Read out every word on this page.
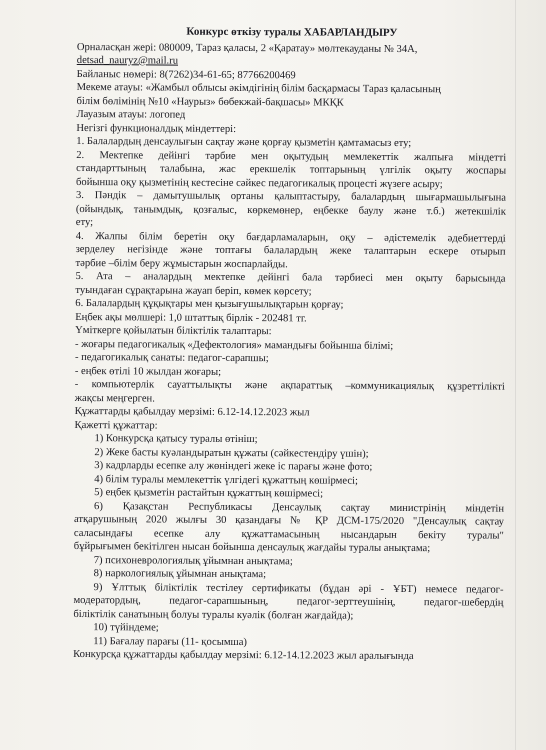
Конкурс өткізу туралы ХАБАРЛАНДЫРУ
Орналасқан жері: 080009, Тараз қаласы, 2 «Қаратау» мөлтекауданы № 34А,
detsad_nauryz@mail.ru
Байланыс нөмері: 8(7262)34-61-65; 87766200469
Мекеме атауы: «Жамбыл облысы әкімдігінің білім басқармасы Тараз қаласының
білім бөлімінің №10 «Наурыз» бөбекжай-бақшасы» МКҚК
Лауазым атауы: логопед
Негізгі функционалдық міндеттері:
1. Балалардың денсаулығын сақтау және қорғау қызметін қамтамасыз ету;
2. Мектепке дейінгі тәрбие мен оқытудың мемлекеттік жалпыға міндетті
стандарттының талабына, жас ерекшелік топтарының үлгілік оқыту жоспары
бойынша оқу қызметінің кестесіне сәйкес педагогикалық процесті жүзеге асыру;
3. Пәндік – дамытушылық ортаны қалыптастыру, балалардың шығармашылығына
(ойындық, танымдық, қозғалыс, көркемөнер, еңбекке баулу және т.б.) жетекшілік
ету;
4. Жалпы білім беретін оқу бағдарламаларын, оқу – әдістемелік әдебиеттерді
зерделеу негізінде және топтағы балалардың жеке талаптарын ескере отырып
тәрбие –білім беру жұмыстарын жоспарлайды.
5. Ата – аналардың мектепке дейінгі бала тәрбиесі мен оқыту барысында
туындаған сұрақтарына жауап беріп, көмек көрсету;
6. Балалардың құқықтары мен қызығушылықтарын қорғау;
Еңбек ақы мөлшері: 1,0 штаттық бірлік - 202481 тг.
Үміткерге қойылатын біліктілік талаптары:
- жоғары педагогикалық «Дефектология» мамандығы бойынша білімі;
- педагогикалық санаты: педагог-сарапшы;
- еңбек өтілі 10 жылдан жоғары;
- компьютерлік сауаттылықты және ақпараттық –коммуникациялық құзреттілікті
жақсы меңгерген.
Құжаттарды қабылдау мерзімі: 6.12-14.12.2023 жыл
Қажетті құжаттар:
1) Конкурсқа қатысу туралы өтініш;
2) Жеке басты куәландыратын құжаты (сәйкестендіру үшін);
3) кадрларды есепке алу жөніндегі жеке іс парағы және фото;
4) білім туралы мемлекеттік үлгідегі құжаттың көшірмесі;
5) еңбек қызметін растайтын құжаттың көшірмесі;
6) Қазақстан Республикасы Денсаулық сақтау министрінің міндетін
атқарушының 2020 жылғы 30 қазандағы № ҚР ДСМ-175/2020 "Денсаулық сақтау
саласындағы есепке алу құжаттамасының нысандарын бекіту туралы"
бұйрығымен бекітілген нысан бойынша денсаулық жағдайы туралы анықтама;
7) психоневрологиялық ұйымнан анықтама;
8) наркологиялық ұйымнан анықтама;
9) Ұлттық біліктілік тестілеу сертификаты (бұдан әрі - ҰБТ) немесе педагог-
модератордың, педагог-сарапшының, педагог-зерттеушінің, педагог-шебердің
біліктілік санатының болуы туралы куәлік (болған жағдайда);
10) түйіндеме;
11) Бағалау парағы (11- қосымша)
Конкурсқа құжаттарды қабылдау мерзімі: 6.12-14.12.2023 жыл аралығында
